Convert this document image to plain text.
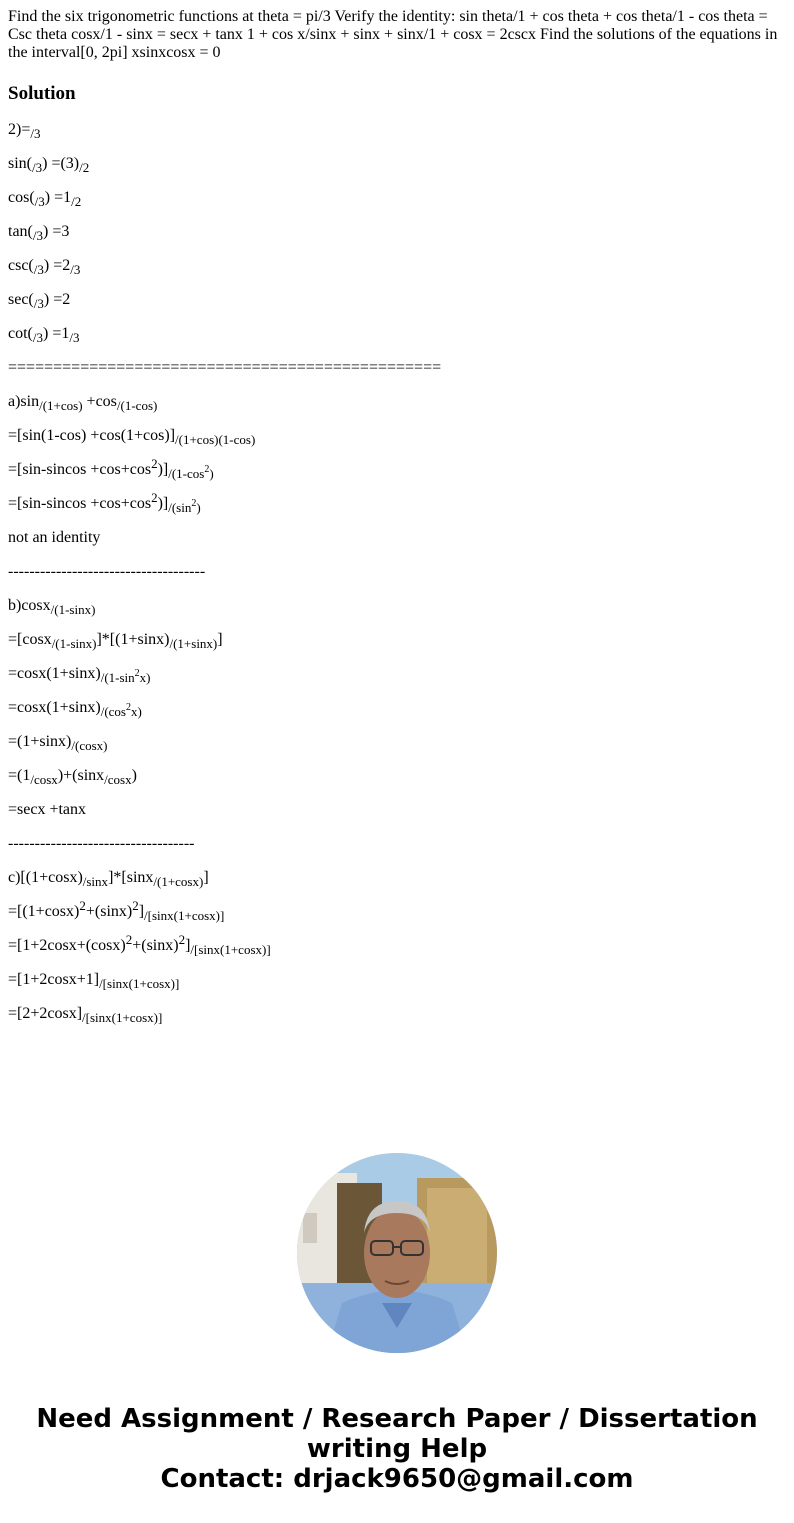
Find the six trigonometric functions at theta = pi/3 Verify the identity: sin theta/1 + cos theta + cos theta/1 - cos theta = Csc theta cosx/1 - sinx = secx + tanx 1 + cos x/sinx + sinx + sinx/1 + cosx = 2cscx Find the solutions of the equations in the interval[0, 2pi] xsinxcosx = 0
Solution
$2)=_{/3}$
$\sin(_{/3}) =(3)_{/2}$
$\cos(_{/3}) =1_{/2}$
$\tan(_{/3}) =3$
$\csc(_{/3}) =2_{/3}$
$\sec(_{/3}) =2$
$\cot(_{/3}) =1_{/3}$
================================================
$a)\sin_{/(1+cos)} +\cos_{/(1-cos)}$
$=[\sin(1-\cos) +\cos(1+\cos)]_{/(1+cos)(1-cos)}$
$=[\sin-sincos +\cos+\cos^2)]_{/(1-cos^2)}$
$=[\sin-sincos +\cos+\cos^2)]_{/(sin^2)}$
not an identity
-------------------------------------
b)cosx$_{/(1-sinx)}$
$=[\cos x_{/(1-sinx)}]*[(1+\sin x)_{/(1+sinx)}]$
$=\cos x(1+\sin x)_{/(1-sin^2x)}$
$=\cos x(1+\sin x)_{/(cos^2x)}$
$=(1+\sin x)_{/(cosx)}$
$=(1_{/cosx})+(\sin x_{/cosx})$
=secx +tanx
-----------------------------------
$c)[(1+\cos x)_{/sinx}]*[\sin x_{/(1+cosx)}]$
$=[(1+\cos x)^2+(\sin x)^2]_{/[sinx(1+cosx)]}$
$=[1+2\cos x+(\cos x)^2+(\sin x)^2]_{/[sinx(1+cosx)]}$
$=[1+2\cos x+1]_{/[sinx(1+cosx)]}$
$=[2+2\cos x]_{/[sinx(1+cosx)]}$
Need Assignment / Research Paper / Dissertation
writing Help
Contact: drjack9650@gmail.com
